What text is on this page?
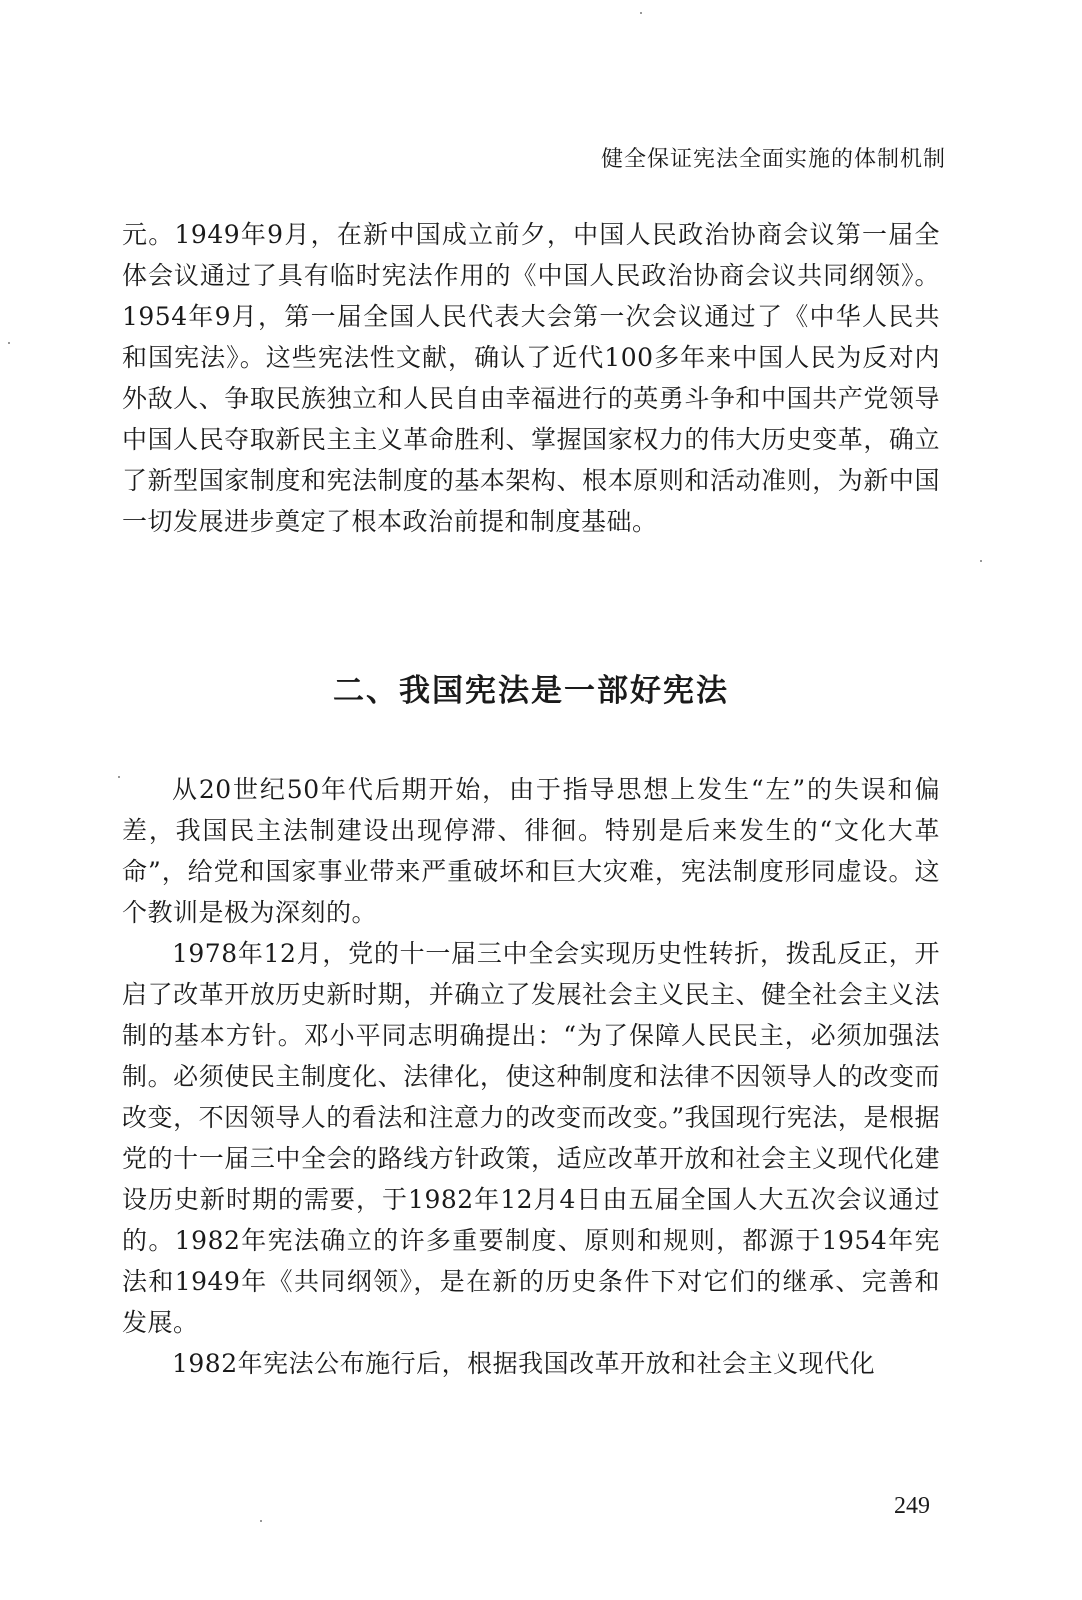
健全保证宪法全面实施的体制机制

元。1949年9月，在新中国成立前夕，中国人民政治协商会议第一届全体会议通过了具有临时宪法作用的《中国人民政治协商会议共同纲领》。1954年9月，第一届全国人民代表大会第一次会议通过了《中华人民共和国宪法》。这些宪法性文献，确认了近代100多年来中国人民为反对内外敌人、争取民族独立和人民自由幸福进行的英勇斗争和中国共产党领导中国人民夺取新民主主义革命胜利、掌握国家权力的伟大历史变革，确立了新型国家制度和宪法制度的基本架构、根本原则和活动准则，为新中国一切发展进步奠定了根本政治前提和制度基础。

二、我国宪法是一部好宪法

从20世纪50年代后期开始，由于指导思想上发生“左”的失误和偏差，我国民主法制建设出现停滞、徘徊。特别是后来发生的“文化大革命”，给党和国家事业带来严重破坏和巨大灾难，宪法制度形同虚设。这个教训是极为深刻的。

1978年12月，党的十一届三中全会实现历史性转折，拨乱反正，开启了改革开放历史新时期，并确立了发展社会主义民主、健全社会主义法制的基本方针。邓小平同志明确提出：“为了保障人民民主，必须加强法制。必须使民主制度化、法律化，使这种制度和法律不因领导人的改变而改变，不因领导人的看法和注意力的改变而改变。”我国现行宪法，是根据党的十一届三中全会的路线方针政策，适应改革开放和社会主义现代化建设历史新时期的需要，于1982年12月4日由五届全国人大五次会议通过的。1982年宪法确立的许多重要制度、原则和规则，都源于1954年宪法和1949年《共同纲领》，是在新的历史条件下对它们的继承、完善和发展。

1982年宪法公布施行后，根据我国改革开放和社会主义现代化

249
